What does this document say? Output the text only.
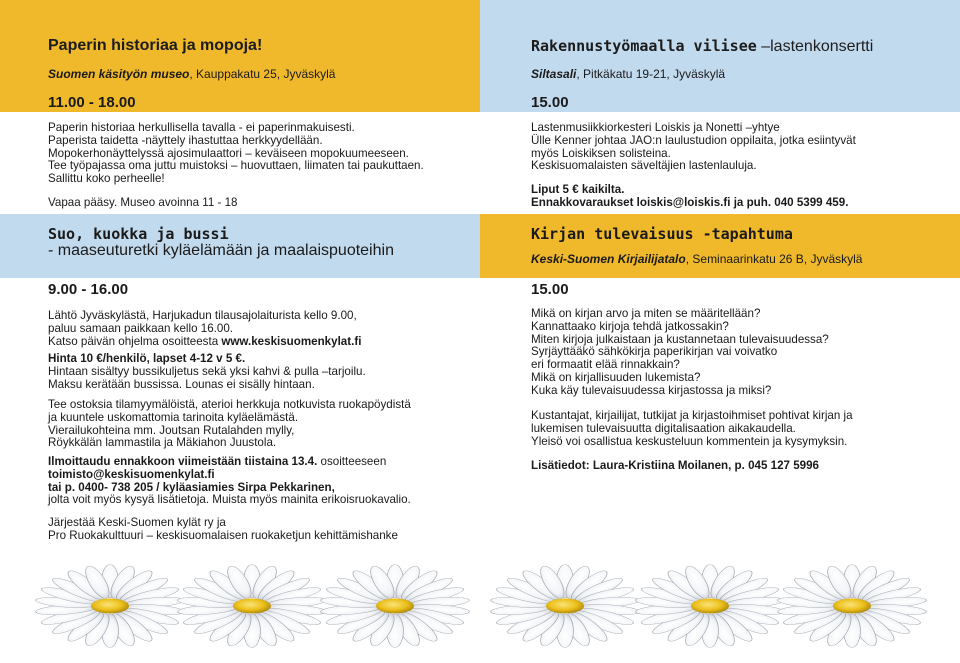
Paperin historiaa ja mopoja!
Suomen käsityön museo, Kauppakatu 25, Jyväskylä
11.00 - 18.00
Paperin historiaa herkullisella tavalla - ei paperinmakuisesti.
Paperista taidetta -näyttely ihastuttaa herkkyydellään.
Mopokerhonäyttelyssä ajosimulaattori – keväiseen mopokuumeeseen.
Tee työpajassa oma juttu muistoksi – huovuttaen, liimaten tai paukuttaen.
Sallittu koko perheelle!
Vapaa pääsy. Museo avoinna 11 - 18
Suo, kuokka ja bussi
- maaseuturetki kyläelämään ja maalaispuoteihin
9.00 - 16.00
Lähtö Jyväskylästä, Harjukadun tilausajolaiturista kello 9.00,
paluu samaan paikkaan kello 16.00.
Katso päivän ohjelma osoitteesta www.keskisuomenkylat.fi
Hinta 10 €/henkilö, lapset 4-12 v 5 €.
Hintaan sisältyy bussikuljetus sekä yksi kahvi & pulla –tarjoilu.
Maksu kerätään bussissa. Lounas ei sisälly hintaan.
Tee ostoksia tilamyymälöistä, aterioi herkkuja notkuvista ruokapöydistä
ja kuuntele uskomattomia tarinoita kyläelämästä.
Vierailukohteina mm. Joutsan Rutalahden mylly,
Röykkälän lammastila ja Mäkiahon Juustola.
Ilmoittaudu ennakkoon viimeistään tiistaina 13.4. osoitteeseen
toimisto@keskisuomenkylat.fi
tai p. 0400- 738 205 / kyläasiamies Sirpa Pekkarinen,
jolta voit myös kysyä lisätietoja. Muista myös mainita erikoisruokavalio.
Järjestää Keski-Suomen kylät ry ja
Pro Ruokakulttuuri – keskisuomalaisen ruokaketjun kehittämishanke
Rakennustyömaalla vilisee –lastenkonsertti
Siltasali, Pitkäkatu 19-21, Jyväskylä
15.00
Lastenmusiikkiorkesteri Loiskis ja Nonetti –yhtye
Ülle Kenner johtaa JAO:n laulustudion oppilaita, jotka esiintyvät
myös Loiskiksen solisteina.
Keskisuomalaisten säveltäjien lastenlauluja.
Liput 5 € kaikilta.
Ennakkovaraukset loiskis@loiskis.fi ja puh. 040 5399 459.
Kirjan tulevaisuus -tapahtuma
Keski-Suomen Kirjailijatalo, Seminaarinkatu 26 B, Jyväskylä
15.00
Mikä on kirjan arvo ja miten se määritellään?
Kannattaako kirjoja tehdä jatkossakin?
Miten kirjoja julkaistaan ja kustannetaan tulevaisuudessa?
Syrjäyttääkö sähkökirja paperikirjan vai voivatko
eri formaatit elää rinnakkain?
Mikä on kirjallisuuden lukemista?
Kuka käy tulevaisuudessa kirjastossa ja miksi?
Kustantajat, kirjailijat, tutkijat ja kirjastoihmiset pohtivat kirjan ja
lukemisen tulevaisuutta digitalisaation aikakaudella.
Yleisö voi osallistua keskusteluun kommentein ja kysymyksin.
Lisätiedot: Laura-Kristiina Moilanen, p. 045 127 5996
